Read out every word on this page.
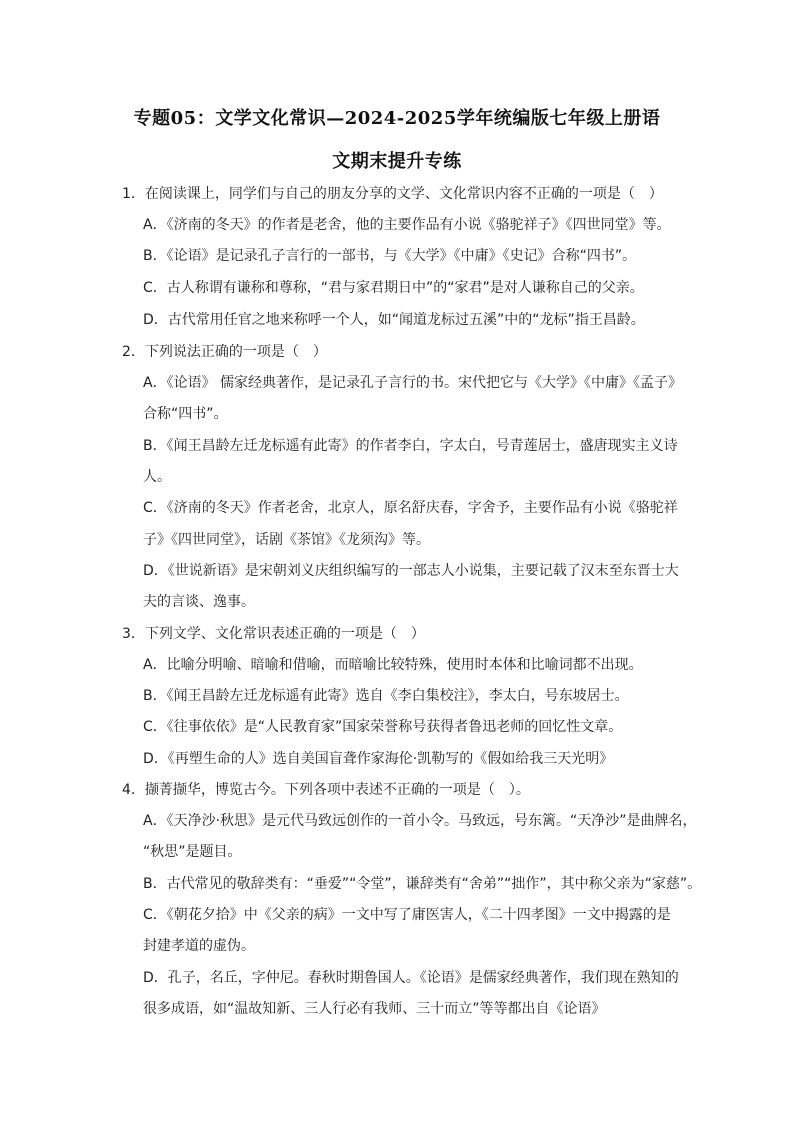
专题05：文学文化常识—2024-2025学年统编版七年级上册语
文期末提升专练
1．在阅读课上，同学们与自己的朋友分享的文学、文化常识内容不正确的一项是（　）
A．《济南的冬天》的作者是老舍，他的主要作品有小说《骆驼祥子》《四世同堂》等。
B．《论语》是记录孔子言行的一部书，与《大学》《中庸》《史记》合称“四书”。
C．古人称谓有谦称和尊称，“君与家君期日中”的“家君”是对人谦称自己的父亲。
D．古代常用任官之地来称呼一个人，如“闻道龙标过五溪”中的“龙标”指王昌龄。
2．下列说法正确的一项是（　）
A．《论语》 儒家经典著作，是记录孔子言行的书。宋代把它与《大学》《中庸》《孟子》
合称“四书”。
B．《闻王昌龄左迁龙标遥有此寄》的作者李白，字太白，号青莲居士，盛唐现实主义诗
人。
C．《济南的冬天》作者老舍，北京人，原名舒庆春，字舍予，主要作品有小说《骆驼祥
子》《四世同堂》，话剧《茶馆》《龙须沟》等。
D．《世说新语》是宋朝刘义庆组织编写的一部志人小说集，主要记载了汉末至东晋士大
夫的言谈、逸事。
3．下列文学、文化常识表述正确的一项是（　）
A．比喻分明喻、暗喻和借喻，而暗喻比较特殊，使用时本体和比喻词都不出现。
B．《闻王昌龄左迁龙标遥有此寄》选自《李白集校注》，李太白，号东坡居士。
C．《往事依依》是“人民教育家”国家荣誉称号获得者鲁迅老师的回忆性文章。
D．《再塑生命的人》选自美国盲聋作家海伦·凯勒写的《假如给我三天光明》
4．撷菁撷华，博览古今。下列各项中表述不正确的一项是（　）。
A．《天净沙·秋思》是元代马致远创作的一首小令。马致远，号东篱。“天净沙”是曲牌名，
“秋思”是题目。
B．古代常见的敬辞类有：“垂爱”“令堂”，谦辞类有“舍弟”“拙作”，其中称父亲为“家慈”。
C．《朝花夕拾》中《父亲的病》一文中写了庸医害人，《二十四孝图》一文中揭露的是
封建孝道的虚伪。
D．孔子，名丘，字仲尼。春秋时期鲁国人。《论语》是儒家经典著作，我们现在熟知的
很多成语，如“温故知新、三人行必有我师、三十而立”等等都出自《论语》
